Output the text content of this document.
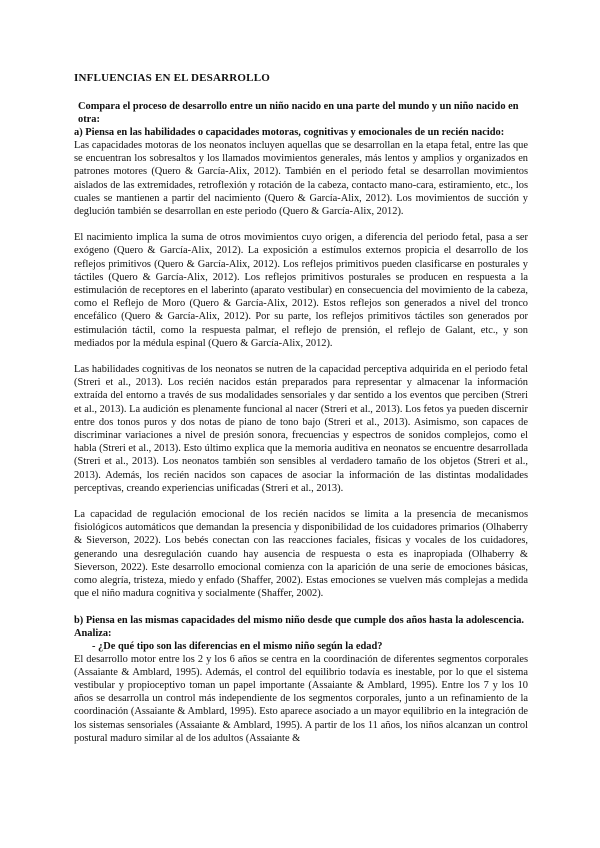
INFLUENCIAS EN EL DESARROLLO
Compara el proceso de desarrollo entre un niño nacido en una parte del mundo y un niño nacido en otra:
a) Piensa en las habilidades o capacidades motoras, cognitivas y emocionales de un recién nacido:

Las capacidades motoras de los neonatos incluyen aquellas que se desarrollan en la etapa fetal, entre las que se encuentran los sobresaltos y los llamados movimientos generales, más lentos y amplios y organizados en patrones motores (Quero & García-Alix, 2012). También en el periodo fetal se desarrollan movimientos aislados de las extremidades, retroflexión y rotación de la cabeza, contacto mano-cara, estiramiento, etc., los cuales se mantienen a partir del nacimiento (Quero & García-Alix, 2012). Los movimientos de succión y deglución también se desarrollan en este periodo (Quero & García-Alix, 2012).

El nacimiento implica la suma de otros movimientos cuyo origen, a diferencia del periodo fetal, pasa a ser exógeno (Quero & García-Alix, 2012). La exposición a estímulos externos propicia el desarrollo de los reflejos primitivos (Quero & García-Alix, 2012). Los reflejos primitivos pueden clasificarse en posturales y táctiles (Quero & García-Alix, 2012). Los reflejos primitivos posturales se producen en respuesta a la estimulación de receptores en el laberinto (aparato vestibular) en consecuencia del movimiento de la cabeza, como el Reflejo de Moro (Quero & García-Alix, 2012). Estos reflejos son generados a nivel del tronco encefálico (Quero & García-Alix, 2012). Por su parte, los reflejos primitivos táctiles son generados por estimulación táctil, como la respuesta palmar, el reflejo de prensión, el reflejo de Galant, etc., y son mediados por la médula espinal (Quero & García-Alix, 2012).

Las habilidades cognitivas de los neonatos se nutren de la capacidad perceptiva adquirida en el periodo fetal (Streri et al., 2013). Los recién nacidos están preparados para representar y almacenar la información extraída del entorno a través de sus modalidades sensoriales y dar sentido a los eventos que perciben (Streri et al., 2013). La audición es plenamente funcional al nacer (Streri et al., 2013). Los fetos ya pueden discernir entre dos tonos puros y dos notas de piano de tono bajo (Streri et al., 2013). Asimismo, son capaces de discriminar variaciones a nivel de presión sonora, frecuencias y espectros de sonidos complejos, como el habla (Streri et al., 2013). Esto último explica que la memoria auditiva en neonatos se encuentre desarrollada (Streri et al., 2013). Los neonatos también son sensibles al verdadero tamaño de los objetos (Streri et al., 2013). Además, los recién nacidos son capaces de asociar la información de las distintas modalidades perceptivas, creando experiencias unificadas (Streri et al., 2013).

La capacidad de regulación emocional de los recién nacidos se limita a la presencia de mecanismos fisiológicos automáticos que demandan la presencia y disponibilidad de los cuidadores primarios (Olhaberry & Sieverson, 2022). Los bebés conectan con las reacciones faciales, físicas y vocales de los cuidadores, generando una desregulación cuando hay ausencia de respuesta o esta es inapropiada (Olhaberry & Sieverson, 2022). Este desarrollo emocional comienza con la aparición de una serie de emociones básicas, como alegría, tristeza, miedo y enfado (Shaffer, 2002). Estas emociones se vuelven más complejas a medida que el niño madura cognitiva y socialmente (Shaffer, 2002).

b) Piensa en las mismas capacidades del mismo niño desde que cumple dos años hasta la adolescencia. Analiza:
- ¿De qué tipo son las diferencias en el mismo niño según la edad?

El desarrollo motor entre los 2 y los 6 años se centra en la coordinación de diferentes segmentos corporales (Assaiante & Amblard, 1995). Además, el control del equilibrio todavía es inestable, por lo que el sistema vestibular y propioceptivo toman un papel importante (Assaiante & Amblard, 1995). Entre los 7 y los 10 años se desarrolla un control más independiente de los segmentos corporales, junto a un refinamiento de la coordinación (Assaiante & Amblard, 1995). Esto aparece asociado a un mayor equilibrio en la integración de los sistemas sensoriales (Assaiante & Amblard, 1995). A partir de los 11 años, los niños alcanzan un control postural maduro similar al de los adultos (Assaiante &
